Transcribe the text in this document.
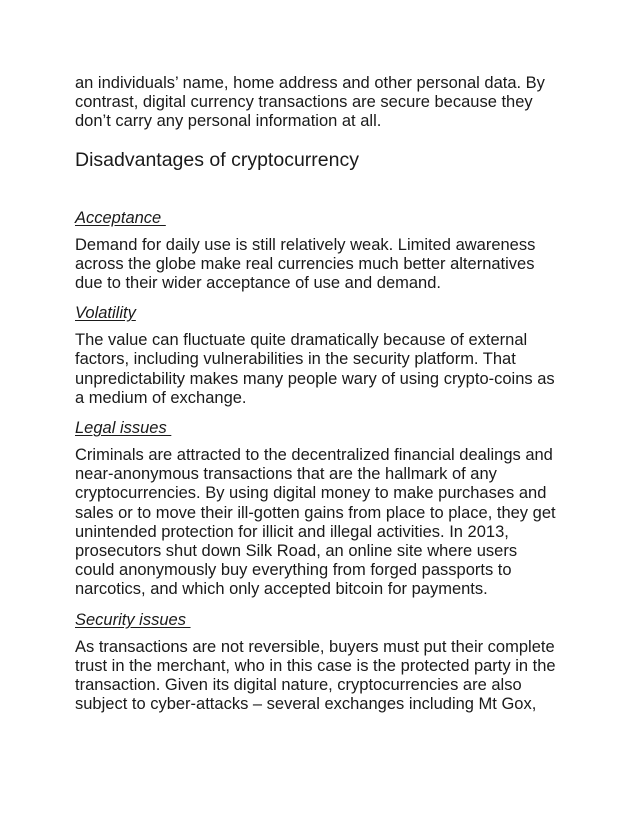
an individuals’ name, home address and other personal data. By
contrast, digital currency transactions are secure because they
don’t carry any personal information at all.

Disadvantages of cryptocurrency
Acceptance

Demand for daily use is still relatively weak. Limited awareness
across the globe make real currencies much better alternatives
due to their wider acceptance of use and demand.

Volatility

The value can fluctuate quite dramatically because of external
factors, including vulnerabilities in the security platform. That
unpredictability makes many people wary of using crypto-coins as
a medium of exchange.

Legal issues

Criminals are attracted to the decentralized financial dealings and
near-anonymous transactions that are the hallmark of any
cryptocurrencies. By using digital money to make purchases and
sales or to move their ill-gotten gains from place to place, they get
unintended protection for illicit and illegal activities. In 2013,
prosecutors shut down Silk Road, an online site where users
could anonymously buy everything from forged passports to
narcotics, and which only accepted bitcoin for payments.

Security issues

As transactions are not reversible, buyers must put their complete
trust in the merchant, who in this case is the protected party in the
transaction. Given its digital nature, cryptocurrencies are also
subject to cyber-attacks – several exchanges including Mt Gox,
